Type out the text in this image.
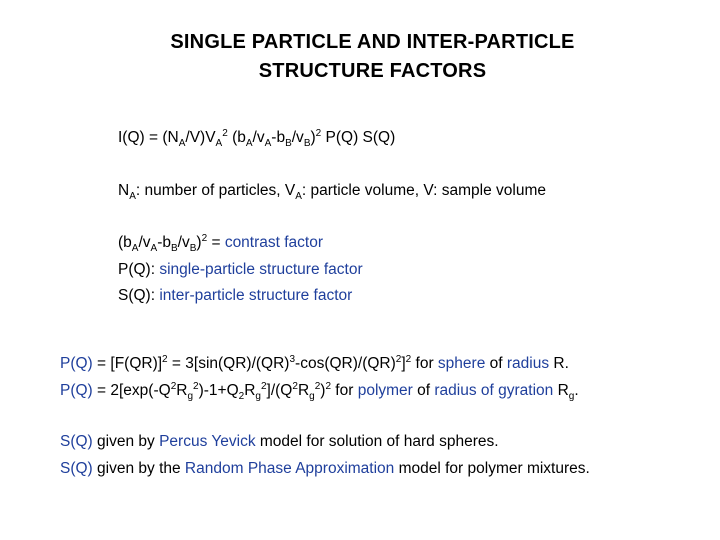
SINGLE PARTICLE AND INTER-PARTICLE
STRUCTURE FACTORS
$I(Q) = (N_A/V)V_A^2$ $(b_A/v_A-b_B/v_B)^2$ P(Q) S(Q)
$N_A$: number of particles, $V_A$: particle volume, V: sample volume
$(b_A/v_A-b_B/v_B)^2$ = contrast factor
P(Q): single-particle structure factor
S(Q): inter-particle structure factor
$P(Q) = [F(QR)]^2 = 3[\sin(QR)/(QR)^3-\cos(QR)/(QR)^2]^2$ for sphere of radius R.
$P(Q) = 2[\exp(-Q^2R_g^2)-1+Q_2R_g^2]/(Q^2R_g^2)^2$ for polymer of radius of gyration $R_g$.
S(Q) given by Percus Yevick model for solution of hard spheres.
S(Q) given by the Random Phase Approximation model for polymer mixtures.
